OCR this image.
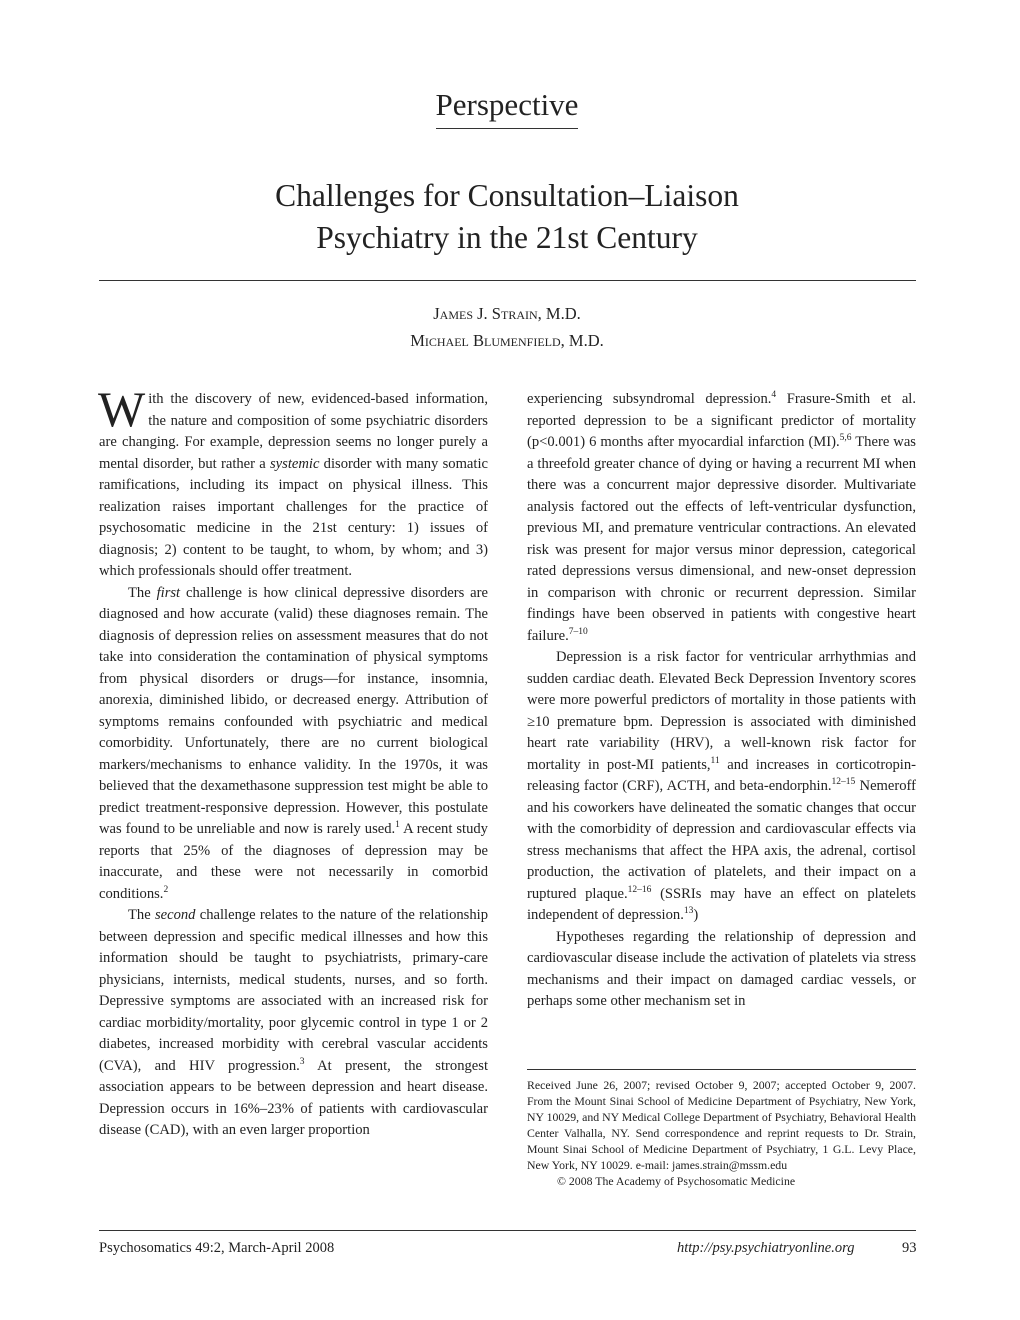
Perspective
Challenges for Consultation–Liaison
Psychiatry in the 21st Century
James J. Strain, M.D.
Michael Blumenfield, M.D.

With the discovery of new, evidenced-based information, the nature and composition of some psychiatric disorders are changing. For example, depression seems no longer purely a mental disorder, but rather a systemic disorder with many somatic ramifications, including its impact on physical illness. This realization raises important challenges for the practice of psychosomatic medicine in the 21st century: 1) issues of diagnosis; 2) content to be taught, to whom, by whom; and 3) which professionals should offer treatment.

The first challenge is how clinical depressive disorders are diagnosed and how accurate (valid) these diagnoses remain. The diagnosis of depression relies on assessment measures that do not take into consideration the contamination of physical symptoms from physical disorders or drugs—for instance, insomnia, anorexia, diminished libido, or decreased energy. Attribution of symptoms remains confounded with psychiatric and medical comorbidity. Unfortunately, there are no current biological markers/mechanisms to enhance validity. In the 1970s, it was believed that the dexamethasone suppression test might be able to predict treatment-responsive depression. However, this postulate was found to be unreliable and now is rarely used.$^1$ A recent study reports that 25% of the diagnoses of depression may be inaccurate, and these were not necessarily in comorbid conditions.$^2$

The second challenge relates to the nature of the relationship between depression and specific medical illnesses and how this information should be taught to psychiatrists, primary-care physicians, internists, medical students, nurses, and so forth. Depressive symptoms are associated with an increased risk for cardiac morbidity/mortality, poor glycemic control in type 1 or 2 diabetes, increased morbidity with cerebral vascular accidents (CVA), and HIV progression.$^3$ At present, the strongest association appears to be between depression and heart disease. Depression occurs in 16%–23% of patients with cardiovascular disease (CAD), with an even larger proportion

experiencing subsyndromal depression.$^4$ Frasure-Smith et al. reported depression to be a significant predictor of mortality (p<0.001) 6 months after myocardial infarction (MI).$^{5,6}$ There was a threefold greater chance of dying or having a recurrent MI when there was a concurrent major depressive disorder. Multivariate analysis factored out the effects of left-ventricular dysfunction, previous MI, and premature ventricular contractions. An elevated risk was present for major versus minor depression, categorical rated depressions versus dimensional, and new-onset depression in comparison with chronic or recurrent depression. Similar findings have been observed in patients with congestive heart failure.$^{7-10}$

Depression is a risk factor for ventricular arrhythmias and sudden cardiac death. Elevated Beck Depression Inventory scores were more powerful predictors of mortality in those patients with ≥10 premature bpm. Depression is associated with diminished heart rate variability (HRV), a well-known risk factor for mortality in post-MI patients,$^{11}$ and increases in corticotropin-releasing factor (CRF), ACTH, and beta-endorphin.$^{12-15}$ Nemeroff and his coworkers have delineated the somatic changes that occur with the comorbidity of depression and cardiovascular effects via stress mechanisms that affect the HPA axis, the adrenal, cortisol production, the activation of platelets, and their impact on a ruptured plaque.$^{12-16}$ (SSRIs may have an effect on platelets independent of depression.$^{13}$)

Hypotheses regarding the relationship of depression and cardiovascular disease include the activation of platelets via stress mechanisms and their impact on damaged cardiac vessels, or perhaps some other mechanism set in

Received June 26, 2007; revised October 9, 2007; accepted October 9, 2007. From the Mount Sinai School of Medicine Department of Psychiatry, New York, NY 10029, and NY Medical College Department of Psychiatry, Behavioral Health Center Valhalla, NY. Send correspondence and reprint requests to Dr. Strain, Mount Sinai School of Medicine Department of Psychiatry, 1 G.L. Levy Place, New York, NY 10029. e-mail: james.strain@mssm.edu

© 2008 The Academy of Psychosomatic Medicine

Psychosomatics 49:2, March-April 2008	http://psy.psychiatryonline.org	93
